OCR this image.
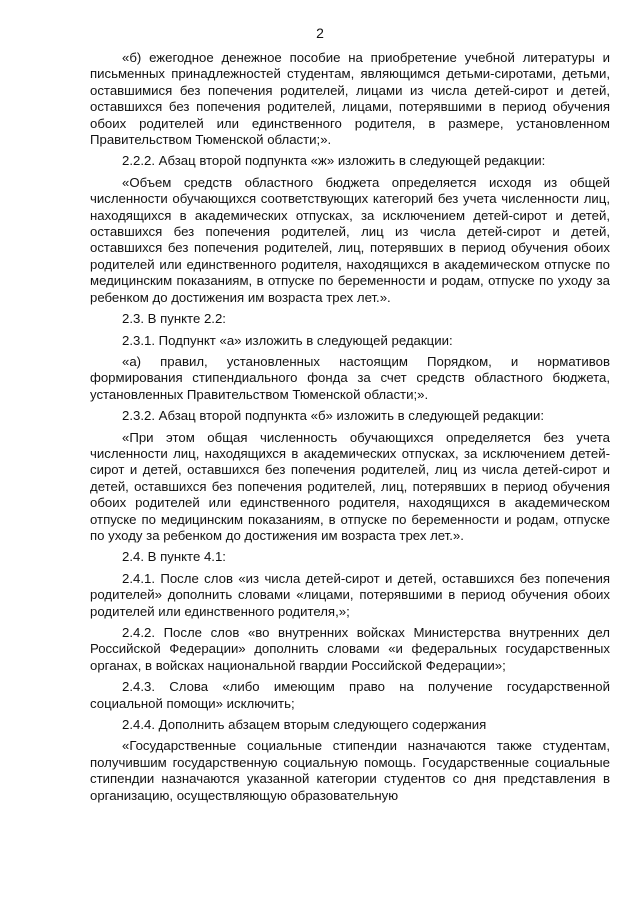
2

«б) ежегодное денежное пособие на приобретение учебной литературы и письменных принадлежностей студентам, являющимся детьми-сиротами, детьми, оставшимися без попечения родителей, лицами из числа детей-сирот и детей, оставшихся без попечения родителей, лицами, потерявшими в период обучения обоих родителей или единственного родителя, в размере, установленном Правительством Тюменской области;».

2.2.2. Абзац второй подпункта «ж» изложить в следующей редакции:

«Объем средств областного бюджета определяется исходя из общей численности обучающихся соответствующих категорий без учета численности лиц, находящихся в академических отпусках, за исключением детей-сирот и детей, оставшихся без попечения родителей, лиц из числа детей-сирот и детей, оставшихся без попечения родителей, лиц, потерявших в период обучения обоих родителей или единственного родителя, находящихся в академическом отпуске по медицинским показаниям, в отпуске по беременности и родам, отпуске по уходу за ребенком до достижения им возраста трех лет.».

2.3. В пункте 2.2:

2.3.1. Подпункт «а» изложить в следующей редакции:

«а) правил, установленных настоящим Порядком, и нормативов формирования стипендиального фонда за счет средств областного бюджета, установленных Правительством Тюменской области;».

2.3.2. Абзац второй подпункта «б» изложить в следующей редакции:

«При этом общая численность обучающихся определяется без учета численности лиц, находящихся в академических отпусках, за исключением детей-сирот и детей, оставшихся без попечения родителей, лиц из числа детей-сирот и детей, оставшихся без попечения родителей, лиц, потерявших в период обучения обоих родителей или единственного родителя, находящихся в академическом отпуске по медицинским показаниям, в отпуске по беременности и родам, отпуске по уходу за ребенком до достижения им возраста трех лет.».

2.4. В пункте 4.1:

2.4.1. После слов «из числа детей-сирот и детей, оставшихся без попечения родителей» дополнить словами «лицами, потерявшими в период обучения обоих родителей или единственного родителя,»;

2.4.2. После слов «во внутренних войсках Министерства внутренних дел Российской Федерации» дополнить словами «и федеральных государственных органах, в войсках национальной гвардии Российской Федерации»;

2.4.3. Слова «либо имеющим право на получение государственной социальной помощи» исключить;

2.4.4. Дополнить абзацем вторым следующего содержания

«Государственные социальные стипендии назначаются также студентам, получившим государственную социальную помощь. Государственные социальные стипендии назначаются указанной категории студентов со дня представления в организацию, осуществляющую образовательную
